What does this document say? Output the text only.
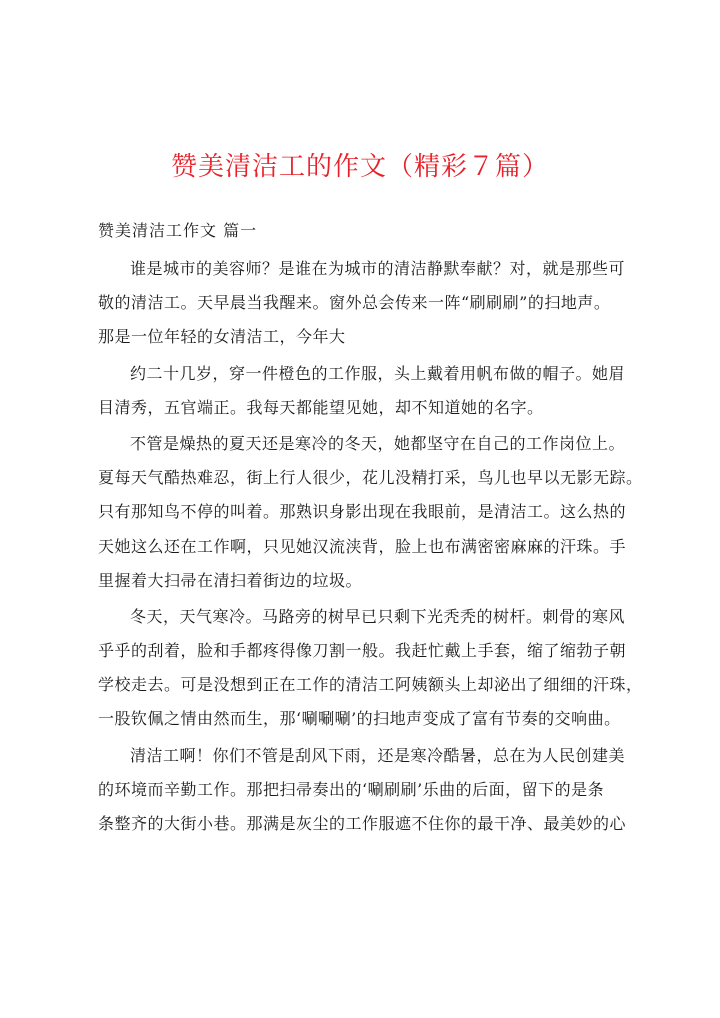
赞美清洁工的作文（精彩７篇）
赞美清洁工作文 篇一
谁是城市的美容师？是谁在为城市的清洁静默奉献？对，就是那些可
敬的清洁工。天早晨当我醒来。窗外总会传来一阵“刷刷刷”的扫地声。
那是一位年轻的女清洁工，今年大
约二十几岁，穿一件橙色的工作服，头上戴着用帆布做的帽子。她眉
目清秀，五官端正。我每天都能望见她，却不知道她的名字。
不管是燥热的夏天还是寒冷的冬天，她都坚守在自己的工作岗位上。
夏每天气酷热难忍，街上行人很少，花儿没精打采，鸟儿也早以无影无踪。
只有那知鸟不停的叫着。那熟识身影出现在我眼前，是清洁工。这么热的
天她这么还在工作啊，只见她汉流浃背，脸上也布满密密麻麻的汗珠。手
里握着大扫帚在清扫着街边的垃圾。
冬天，天气寒冷。马路旁的树早已只剩下光秃秃的树杆。刺骨的寒风
乎乎的刮着，脸和手都疼得像刀割一般。我赶忙戴上手套，缩了缩勃子朝
学校走去。可是没想到正在工作的清洁工阿姨额头上却泌出了细细的汗珠，
一股钦佩之情由然而生，那‘唰唰唰’的扫地声变成了富有节奏的交响曲。
清洁工啊！你们不管是刮风下雨，还是寒冷酷暑，总在为人民创建美
的环境而辛勤工作。那把扫帚奏出的‘唰刷刷’乐曲的后面，留下的是条
条整齐的大街小巷。那满是灰尘的工作服遮不住你的最干净、最美妙的心
